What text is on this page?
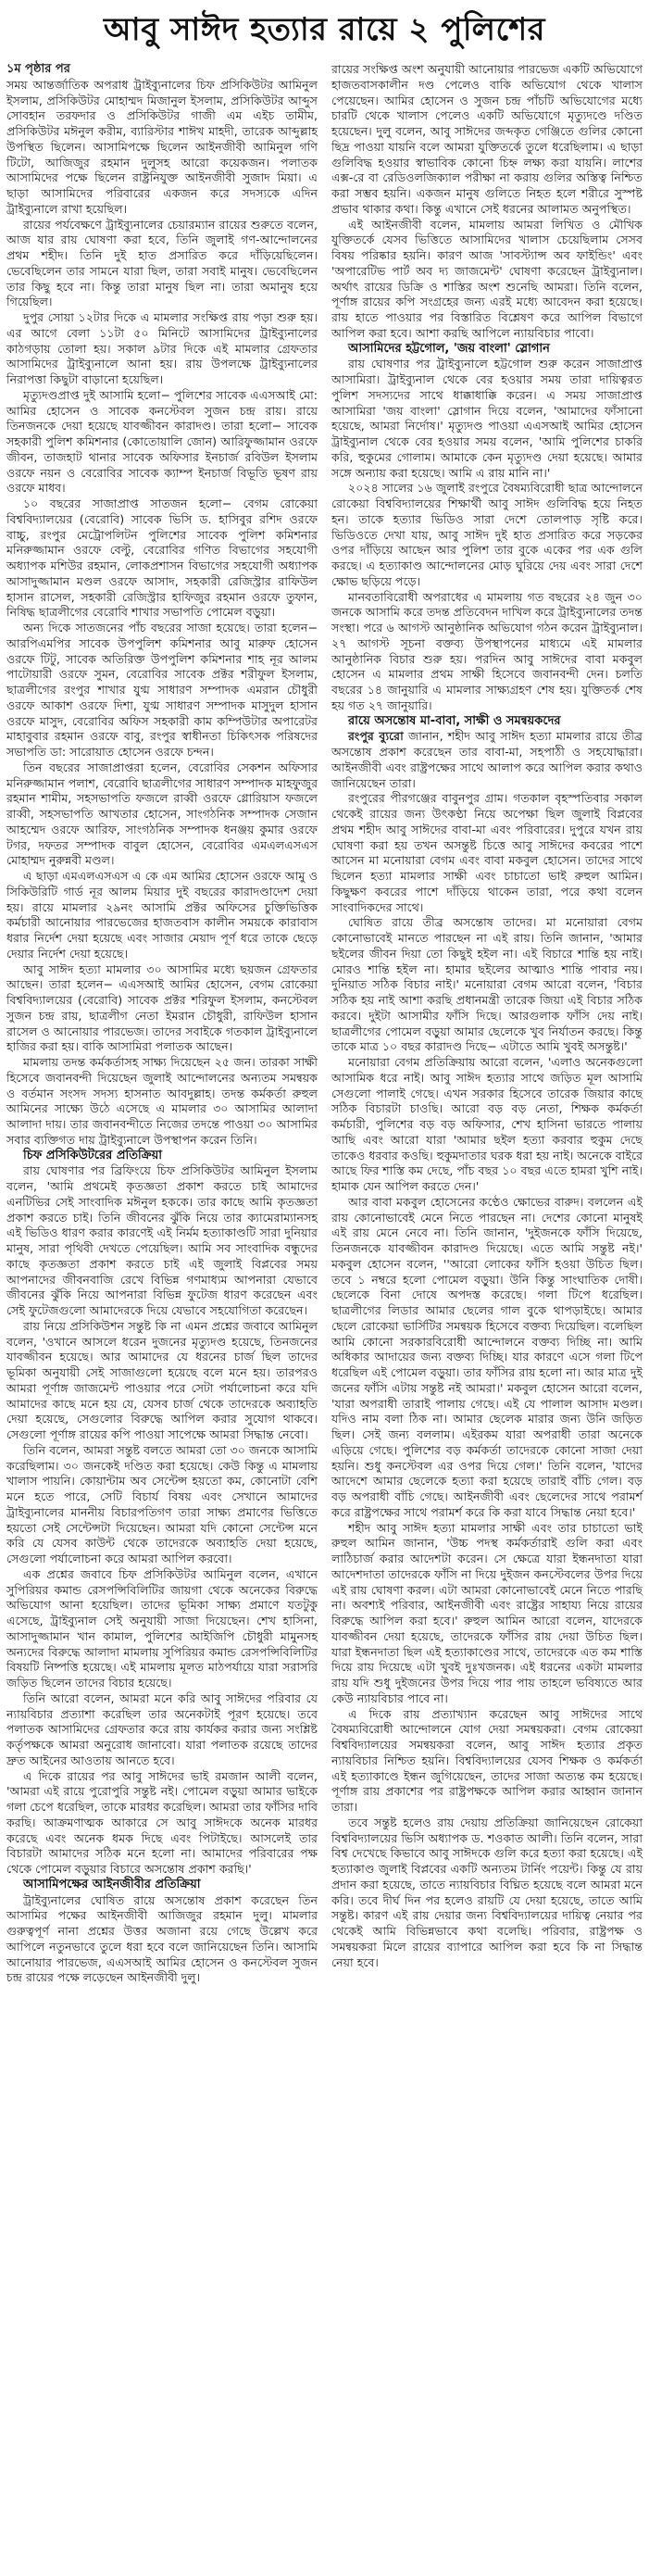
আবু সাঈদ হত্যার রায়ে ২ পুলিশের
১ম পৃষ্ঠার পর

সময় আন্তর্জাতিক অপরাধ ট্রাইব্যুনালের চিফ প্রসিকিউটর আমিনুল ইসলাম, প্রসিকিউটর মোহাম্মদ মিজানুল ইসলাম, প্রসিকিউটর আব্দুস সোবহান তরফদার ও প্রসিকিউটর গাজী এম এইচ তামীম, প্রসিকিউটর মঈনুল করীম, ব্যারিস্টার শাঈখ মাহদী, তারেক আব্দুল্লাহ উপস্থিত ছিলেন। আসামিপক্ষে ছিলেন আইনজীবী আমিনুল গণি টিটো, আজিজুর রহমান দুলুসহ আরো কয়েকজন। পলাতক আসামিদের পক্ষে ছিলেন রাষ্ট্রনিযুক্ত আইনজীবী সুজাদ মিয়া। এ ছাড়া আসামিদের পরিবারের একজন করে সদস্যকে এদিন ট্রাইব্যুনালে রাখা হয়েছিল।

রায়ের পর্যবেক্ষণে ট্রাইব্যুনালের চেয়ারম্যান রায়ের শুরুতে বলেন, আজ যার রায় ঘোষণা করা হবে, তিনি জুলাই গণ-আন্দোলনের প্রথম শহীদ। তিনি দুই হাত প্রসারিত করে দাঁড়িয়েছিলেন। ভেবেছিলেন তার সামনে যারা ছিল, তারা সবাই মানুষ। ভেবেছিলেন তার কিছু হবে না। কিন্তু তারা মানুষ ছিল না। তারা অমানুষ হয়ে গিয়েছিল।

দুপুর সোয়া ১২টার দিকে এ মামলার সংক্ষিপ্ত রায় পড়া শুরু হয়। এর আগে বেলা ১১টা ৫০ মিনিটে আসামিদের ট্রাইব্যুনালের কাঠগড়ায় তোলা হয়। সকাল ৯টার দিকে এই মামলার গ্রেফতার আসামিদের ট্রাইব্যুনালে আনা হয়। রায় উপলক্ষে ট্রাইব্যুনালের নিরাপত্তা কিছুটা বাড়ানো হয়েছিল।

মৃত্যুদণ্ডপ্রাপ্ত দুই আসামি হলো− পুলিশের সাবেক এএসআই মো: আমির হোসেন ও সাবেক কনস্টেবল সুজন চন্দ্র রায়। রায়ে তিনজনকে দেয়া হয়েছে যাবজ্জীবন কারাদণ্ড। তারা হলো− সাবেক সহকারী পুলিশ কমিশনার (কোতোয়ালি জোন) আরিফুজ্জামান ওরফে জীবন, তাজহাট থানার সাবেক অফিসার ইনচার্জ রবিউল ইসলাম ওরফে নয়ন ও বেরোবির সাবেক ক্যাম্প ইনচার্জ বিভূতি ভূষণ রায় ওরফে মাধব।

১০ বছরের সাজাপ্রাপ্ত সাতজন হলো− বেগম রোকেয়া বিশ্ববিদ্যালয়ের (বেরোবি) সাবেক ভিসি ড. হাসিবুর রশিদ ওরফে বাচ্চু, রংপুর মেট্রোপলিটন পুলিশের সাবেক পুলিশ কমিশনার মনিরুজ্জামান ওরফে বেল্টু, বেরোবির গণিত বিভাগের সহযোগী অধ্যাপক মশিউর রহমান, লোকপ্রশাসন বিভাগের সহযোগী অধ্যাপক আসাদুজ্জামান মণ্ডল ওরফে আসাদ, সহকারী রেজিস্ট্রার রাফিউল হাসান রাসেল, সহকারী রেজিস্ট্রার হাফিজুর রহমান ওরফে তুফান, নিষিদ্ধ ছাত্রলীগের বেরোবি শাখার সভাপতি পোমেল বড়ুয়া।

অন্য দিকে সাতজনের পাঁচ বছরের সাজা হয়েছে। তারা হলেন− আরপিএমপির সাবেক উপপুলিশ কমিশনার আবু মারুফ হোসেন ওরফে টিটু, সাবেক অতিরিক্ত উপপুলিশ কমিশনার শাহ নূর আলম পাটোয়ারী ওরফে সুমন, বেরোবির সাবেক প্রক্টর শরীফুল ইসলাম, ছাত্রলীগের রংপুর শাখার যুগ্ম সাধারণ সম্পাদক এমরান চৌধুরী ওরফে আকাশ ওরফে দিশা, যুগ্ম সাধারণ সম্পাদক মাসুদুল হাসান ওরফে মাসুদ, বেরোবির অফিস সহকারী কাম কম্পিউটার অপারেটর মাহাবুবার রহমান ওরফে বাবু, রংপুর স্বাধীনতা চিকিৎসক পরিষদের সভাপতি ডা: সারোয়াত হোসেন ওরফে চন্দন।

তিন বছরের সাজাপ্রাপ্তরা হলেন, বেরোবির সেকশন অফিসার মনিরুজ্জামান পলাশ, বেরোবি ছাত্রলীগের সাধারণ সম্পাদক মাহফুজুর রহমান শামীম, সহসভাপতি ফজলে রাব্বী ওরফে গ্লোরিয়াস ফজলে রাব্বী, সহসভাপতি আখতার হোসেন, সাংগঠনিক সম্পাদক সেজান আহম্মেদ ওরফে আরিফ, সাংগঠনিক সম্পাদক ধনঞ্জয় কুমার ওরফে টগর, দফতর সম্পাদক বাবুল হোসেন, বেরোবির এমএলএসএস মোহাম্মদ নুরুন্নবী মণ্ডল।

এ ছাড়া এমএলএসএস এ কে এম আমির হোসেন ওরফে আমু ও সিকিউরিটি গার্ড নূর আলম মিয়ার দুই বছরের কারাদণ্ডাদেশ দেয়া হয়। রায়ে মামলার ২৯নং আসামি প্রক্টর অফিসের চুক্তিভিত্তিক কর্মচারী আনোয়ার পারভেজের হাজতবাস কালীন সময়কে কারাবাস ধরার নির্দেশ দেয়া হয়েছে এবং সাজার মেয়াদ পূর্ণ ধরে তাকে ছেড়ে দেয়ার নির্দেশ দেয়া হয়েছে।

আবু সাঈদ হত্যা মামলার ৩০ আসামির মধ্যে ছয়জন গ্রেফতার আছেন। তারা হলেন− এএসআই আমির হোসেন, বেগম রোকেয়া বিশ্ববিদ্যালয়ের (বেরোবি) সাবেক প্রক্টর শরিফুল ইসলাম, কনস্টেবল সুজন চন্দ্র রায়, ছাত্রলীগ নেতা ইমরান চৌধুরী, রাফিউল হাসান রাসেল ও আনোয়ার পারভেজ। তাদের সবাইকে গতকাল ট্রাইব্যুনালে হাজির করা হয়। বাকি আসামিরা পলাতক আছেন।

মামলায় তদন্ত কর্মকর্তাসহ সাক্ষ্য দিয়েছেন ২৫ জন। তারকা সাক্ষী হিসেবে জবানবন্দী দিয়েছেন জুলাই আন্দোলনের অন্যতম সমন্বয়ক ও বর্তমান সংসদ সদস্য হাসনাত আবদুল্লাহ। তদন্ত কর্মকর্তা রুহুল আমিনের সাক্ষ্যে উঠে এসেছে এ মামলার ৩০ আসামির আলাদা আলাদা দায়। তার জবানবন্দীতে নিজের তদন্তে পাওয়া ৩০ আসামির সবার ব্যক্তিগত দায় ট্রাইব্যুনালে উপস্থাপন করেন তিনি।

চিফ প্রসিকিউটরের প্রতিক্রিয়া

রায় ঘোষণার পর ব্রিফিংয়ে চিফ প্রসিকিউটর আমিনুল ইসলাম বলেন, 'আমি প্রথমেই কৃতজ্ঞতা প্রকাশ করতে চাই আমাদের এনটিভির সেই সাংবাদিক মঈনুল হককে। তার কাছে আমি কৃতজ্ঞতা প্রকাশ করতে চাই। তিনি জীবনের ঝুঁকি নিয়ে তার ক্যামেরাম্যানসহ এই ভিডিও ধারণ করার কারণেই এই নির্মম হত্যাকাণ্ডটি সারা দুনিয়ার মানুষ, সারা পৃথিবী দেখতে পেয়েছিল। আমি সব সাংবাদিক বন্ধুদের কাছে কৃতজ্ঞতা প্রকাশ করতে চাই এই জুলাই বিপ্লবের সময় আপনাদের জীবনবাজি রেখে বিভিন্ন গণমাধ্যম আপনারা যেভাবে জীবনের ঝুঁকি নিয়ে আপনারা বিভিন্ন ফুটেজ ধারণ করেছেন এবং সেই ফুটেজগুলো আমাদেরকে দিয়ে যেভাবে সহযোগিতা করেছেন।

রায় নিয়ে প্রসিকিউশন সন্তুষ্ট কি না এমন প্রশ্নের জবাবে আমিনুল বলেন, 'ওখানে আসলে ধরেন দুজনের মৃত্যুদণ্ড হয়েছে, তিনজনের যাবজ্জীবন হয়েছে। আর আমাদের যে ধরনের চার্জ ছিল তাদের ভূমিকা অনুযায়ী সেই সাজাগুলো হয়েছে বলে মনে হয়। তারপরও আমরা পূর্ণাঙ্গ জাজমেন্ট পাওয়ার পরে সেটা পর্যালোচনা করে যদি আমাদের কাছে মনে হয় যে, যেসব চার্জ থেকে তাদেরকে অব্যাহতি দেয়া হয়েছে, সেগুলোর বিরুদ্ধে আপিল করার সুযোগ থাকবে। সেগুলো পূর্ণাঙ্গ রায়ের কপি পাওয়া সাপেক্ষে আমরা সিদ্ধান্ত নেবো।

তিনি বলেন, আমরা সন্তুষ্ট বলতে আমরা তো ৩০ জনকে আসামি করেছিলাম। ৩০ জনকেই দণ্ডিত করা হয়েছে। কেউ কিন্তু এ মামলায় খালাস পায়নি। কোয়ান্টাম অব সেন্টেন্স হয়তো কম, কোনোটা বেশি মনে হতে পারে, সেটি বিচার্য বিষয় এবং সেখানে আমাদের ট্রাইব্যুনালের মাননীয় বিচারপতিগণ তারা সাক্ষ্য প্রমাণের ভিত্তিতে হয়তো সেই সেন্টেন্সটা দিয়েছেন। আমরা যদি কোনো সেন্টেন্স মনে করি যে যেসব কাউন্ট থেকে তাদেরকে অব্যাহতি দেয়া হয়েছে, সেগুলো পর্যালোচনা করে আমরা আপিল করবো।

এক প্রশ্নের জবাবে চিফ প্রসিকিউটর আমিনুল বলেন, এখানে সুপিরিয়র কমান্ড রেসপন্সিবিলিটির জায়গা থেকে অনেকের বিরুদ্ধে অভিযোগ আনা হয়েছিল। তাদের ভূমিকা সাক্ষ্য প্রমাণে যতটুকু এসেছে, ট্রাইব্যুনাল সেই অনুযায়ী সাজা দিয়েছেন। শেখ হাসিনা, আসাদুজ্জামান খান কামাল, পুলিশের আইজিপি চৌধুরী মামুনসহ অন্যদের বিরুদ্ধে আলাদা মামলায় সুপিরিয়র কমান্ড রেসপন্সিবিলিটির বিষয়টি নিষ্পত্তি হয়েছে। এই মামলায় মূলত মাঠপর্যায়ে যারা সরাসরি জড়িত ছিলেন তাদের বিচার হয়েছে।

তিনি আরো বলেন, আমরা মনে করি আবু সাঈদের পরিবার যে ন্যায়বিচার প্রত্যাশা করেছিল তার অনেকটাই পূরণ হয়েছে। তবে পলাতক আসামিদের গ্রেফতার করে রায় কার্যকর করার জন্য সংশ্লিষ্ট কর্তৃপক্ষকে আমরা অনুরোধ জানাবো। যারা পলাতক রয়েছে তাদের দ্রুত আইনের আওতায় আনতে হবে।

এ দিকে রায়ের পর আবু সাঈদের ভাই রমজান আলী বলেন, 'আমরা এই রায়ে পুরোপুরি সন্তুষ্ট নই। পোমেল বড়ুয়া আমার ভাইকে গলা চেপে ধরেছিল, তাকে মারধর করেছিল। আমরা তার ফাঁসির দাবি করছি। আক্রমণাত্মক আকারে সে আবু সাঈদকে অনেক মারধর করেছে এবং অনেক ধমক দিছে এবং পিটাইছে। আসলেই তার বিচারটা আমাদের সঠিক মনে হলো না। আমাদের পরিবারের পক্ষ থেকে পোমেল বড়ুয়ার বিচারে অসন্তোষ প্রকাশ করছি।'

আসামিপক্ষের আইনজীবীর প্রতিক্রিয়া

ট্রাইব্যুনালের ঘোষিত রায়ে অসন্তোষ প্রকাশ করেছেন তিন আসামির পক্ষের আইনজীবী আজিজুর রহমান দুলু। মামলার গুরুত্বপূর্ণ নানা প্রশ্নের উত্তর অজানা রয়ে গেছে উল্লেখ করে আপিলে নতুনভাবে তুলে ধরা হবে বলে জানিয়েছেন তিনি। আসামি আনোয়ার পারভেজ, এএসআই আমির হোসেন ও কনস্টেবল সুজন চন্দ্র রায়ের পক্ষে লড়েছেন আইনজীবী দুলু।

রায়ের সংক্ষিপ্ত অংশ অনুযায়ী আনোয়ার পারভেজ একটি অভিযোগে হাজতবাসকালীন দণ্ড পেলেও বাকি অভিযোগ থেকে খালাস পেয়েছেন। আমির হোসেন ও সুজন চন্দ্র পাঁচটি অভিযোগের মধ্যে চারটি থেকে খালাস পেলেও একটি অভিযোগে মৃত্যুদণ্ডে দণ্ডিত হয়েছেন। দুলু বলেন, আবু সাঈদের জব্দকৃত গেঞ্জিতে গুলির কোনো ছিদ্র পাওয়া যায়নি বলে আমরা যুক্তিতর্কে তুলে ধরেছিলাম। এ ছাড়া গুলিবিদ্ধ হওয়ার স্বাভাবিক কোনো চিহ্ন লক্ষ্য করা যায়নি। লাশের এক্স-রে বা রেডিওলজিক্যাল পরীক্ষা না করায় গুলির অস্তিত্ব নিশ্চিত করা সম্ভব হয়নি। একজন মানুষ গুলিতে নিহত হলে শরীরে সুস্পষ্ট প্রভাব থাকার কথা। কিন্তু এখানে সেই ধরনের আলামত অনুপস্থিত।

এই আইনজীবী বলেন, মামলায় আমরা লিখিত ও মৌখিক যুক্তিতর্কে যেসব ভিত্তিতে আসামিদের খালাস চেয়েছিলাম সেসব বিষয় পরিষ্কার হয়নি। কারণ আজ 'সাবস্ট্যান্স অব ফাইন্ডিং' এবং 'অপারেটিভ পার্ট অব দ্য জাজমেন্ট' ঘোষণা করেছেন ট্রাইব্যুনাল। অর্থাৎ রায়ের ডিক্রি ও শাস্তির অংশ শুনেছি আমরা। তিনি বলেন, পূর্ণাঙ্গ রায়ের কপি সংগ্রহের জন্য এরই মধ্যে আবেদন করা হয়েছে। রায় হাতে পাওয়ার পর বিস্তারিত বিশ্লেষণ করে আপিল বিভাগে আপিল করা হবে। আশা করছি আপিলে ন্যায়বিচার পাবো।

আসামিদের হট্টগোল, 'জয় বাংলা' স্লোগান

রায় ঘোষণার পর ট্রাইব্যুনালে হট্টগোল শুরু করেন সাজাপ্রাপ্ত আসামিরা। ট্রাইব্যুনাল থেকে বের হওয়ার সময় তারা দায়িত্বরত পুলিশ সদস্যদের সাথে ধাক্কাধাক্কি করেন। এ সময় সাজাপ্রাপ্ত আসামিরা 'জয় বাংলা' স্লোগান দিয়ে বলেন, 'আমাদের ফাঁসানো হয়েছে, আমরা নির্দোষ।' মৃত্যুদণ্ড পাওয়া এএসআই আমির হোসেন ট্রাইব্যুনাল থেকে বের হওয়ার সময় বলেন, 'আমি পুলিশের চাকরি করি, হুকুমের গোলাম। আমাকে কেন মৃত্যুদণ্ড দেয়া হয়েছে। আমার সঙ্গে অন্যায় করা হয়েছে। আমি এ রায় মানি না।'

২০২৪ সালের ১৬ জুলাই রংপুরে বৈষম্যবিরোধী ছাত্র আন্দোলনে রোকেয়া বিশ্ববিদ্যালয়ের শিক্ষার্থী আবু সাঈদ গুলিবিদ্ধ হয়ে নিহত হন। তাকে হত্যার ভিডিও সারা দেশে তোলপাড় সৃষ্টি করে। ভিডিওতে দেখা যায়, আবু সাঈদ দুই হাত প্রসারিত করে সড়কের ওপর দাঁড়িয়ে আছেন আর পুলিশ তার বুকে একের পর এক গুলি করছে। এ হত্যাকাণ্ড আন্দোলনের মোড় ঘুরিয়ে দেয় এবং সারা দেশে ক্ষোভ ছড়িয়ে পড়ে।

মানবতাবিরোধী অপরাধের এ মামলায় গত বছরের ২৪ জুন ৩০ জনকে আসামি করে তদন্ত প্রতিবেদন দাখিল করে ট্রাইব্যুনালের তদন্ত সংস্থা। পরে ৬ আগস্ট আনুষ্ঠানিক অভিযোগ গঠন করেন ট্রাইব্যুনাল। ২৭ আগস্ট সূচনা বক্তব্য উপস্থাপনের মাধ্যমে এই মামলার আনুষ্ঠানিক বিচার শুরু হয়। পরদিন আবু সাঈদের বাবা মকবুল হোসেন এ মামলার প্রথম সাক্ষী হিসেবে জবানবন্দী দেন। চলতি বছরের ১৪ জানুয়ারি এ মামলার সাক্ষ্যগ্রহণ শেষ হয়। যুক্তিতর্ক শেষ হয় গত ২৭ জানুয়ারি।

রায়ে অসন্তোষ মা-বাবা, সাক্ষী ও সমন্বয়কদের

রংপুর ব্যুরো জানান, শহীদ আবু সাঈদ হত্যা মামলার রায়ে তীব্র অসন্তোষ প্রকাশ করেছেন তার বাবা-মা, সহপাঠী ও সহযোদ্ধারা। আইনজীবী এবং রাষ্ট্রপক্ষের সাথে আলাপ করে আপিল করার কথাও জানিয়েছেন তারা।

রংপুরের পীরগঞ্জের বাবুনপুর গ্রাম। গতকাল বৃহস্পতিবার সকাল থেকেই রায়ের জন্য উৎকণ্ঠা নিয়ে অপেক্ষা ছিল জুলাই বিপ্লবের প্রথম শহীদ আবু সাঈদের বাবা-মা এবং পরিবারের। দুপুরে যখন রায় ঘোষণা করা হয় তখন অসন্তুষ্ট চিত্তে আবু সাঈদের কবরের পাশে আসেন মা মনোয়ারা বেগম এবং বাবা মকবুল হোসেন। তাদের সাথে ছিলেন হত্যা মামলার সাক্ষী এবং চাচাতো ভাই রুহুল আমিন। কিছুক্ষণ কবরের পাশে দাঁড়িয়ে থাকেন তারা, পরে কথা বলেন সাংবাদিকদের সাথে।

ঘোষিত রায়ে তীব্র অসন্তোষ তাদের। মা মনোয়ারা বেগম কোনোভাবেই মানতে পারছেন না এই রায়। তিনি জানান, 'আমার ছইলের জীবন দিয়া তো কিছুই হইল না। এই বিচারে শান্তি হয় নাই। মোরও শান্তি হইল না। হামার ছইলের আত্মাও শান্তি পাবার নয়। দুনিয়াত সঠিক বিচার নাই।' মনোয়ারা বেগম আরো বলেন, 'বিচার সঠিক হয় নাই আশা করছি প্রধানমন্ত্রী তারেক জিয়া এই বিচার সঠিক করবে। দুইটা আসামীর ফাঁসি দিছে। আরগুলাক ফাঁসি দেয় নাই। ছাত্রলীগের পোমেল বড়ুয়া আমার ছেলেকে খুব নির্যাতন করছে। কিন্তু তাকে মাত্র ১০ বছর কারাদণ্ড দিছে− এটাতে আমি খুবই অসন্তুষ্ট।'

মনোয়ারা বেগম প্রতিক্রিয়ায় আরো বলেন, 'এলাও অনেকগুলো আসামিক ধরে নাই। আবু সাঈদ হত্যার সাথে জড়িত মূল আসামি সেগুলো পালাই গেছে। এখন সরকার হিসেবে তারেক জিয়ার কাছে সঠিক বিচারটা চাওছি। আরো বড় বড় নেতা, শিক্ষক কর্মকর্তা কর্মচারী, পুলিশের বড় বড় অফিসার, শেখ হাসিনা ভারতে পালায় আছি এবং আরো যারা 'আমার ছইল হত্যা করবার হুকুম দেছে তাকেও ধরবার কওছি। হুকুমদাতার ঘরক ধরা হয় নাই। অনেকে বাইরে আছে ফির শাস্তি কম দেছে, পাঁচ বছর ১০ বছর এতে হামরা খুশি নাই। হামাক যেন আপিল করতে দেন।'

আর বাবা মকবুল হোসেনের কণ্ঠেও ক্ষোভের বারুদ। বললেন এই রায় কোনোভাবেই মেনে নিতে পারছেন না। দেশের কোনো মানুষই এই রায় মেনে নেবে না। তিনি জানান, 'দুইজনকে ফাঁসি দিয়েছে, তিনজনকে যাবজ্জীবন কারাদণ্ড দিয়েছে। এতে আমি সন্তুষ্ট নই।' মকবুল হোসেন বলেন, ''আরো লোকের ফাঁসি হওয়া উচিত ছিল। তবে ১ নম্বরে হলো পোমেল বড়ুয়া। উনি কিন্তু সাংঘাতিক দোষী। ছেলেকে বিনা দোষে অপদস্ত করেছে। গলা টিপে ধরেছিল। ছাত্রলীগের লিডার আমার ছেলের গাল বুকে থাপড়াইছে। আমার ছেলে রোকেয়া ভার্সিটির সমন্বয়ক হিসেবে বক্তব্য দিয়েছিল। বলেছিল আমি কোনো সরকারবিরোধী আন্দোলনে বক্তব্য দিচ্ছি না। আমি অধিকার আদায়ের জন্য বক্তব্য দিচ্ছি। যার কারণে এসে গলা টিপে ধরেছিল এই পোমেল বড়ুয়া। তার ফাঁসির রায় হলো না। আর মাত্র দুই জনের ফাঁসি এটায় সন্তুষ্ট নই আমরা।' মকবুল হোসেন আরো বলেন, 'যারা অপরাধী তারাই পালায় গেছে। এই যে পালাল আসাদ মণ্ডল। যদিও নাম বলা ঠিক না। আমার ছেলেক মারার জন্য উনি জড়িত ছিল। সেই জন্য বললাম। এইরকম যারা অপরাধী তারা অনেকে এড়িয়ে গেছে। পুলিশের বড় কর্মকর্তা তাদেরকে কোনো সাজা দেয়া হয়নি। শুধু কনস্টেবল এর ওপর দিয়ে গেল।' তিনি বলেন, 'যাদের আদেশে আমার ছেলেকে হত্যা করা হয়েছে তারাই বাঁচি গেল। বড় বড় অপরাধী বাঁচি গেছে। আইনজীবী এবং ছেলেদের সাথে পরামর্শ করে রাষ্ট্রপক্ষের সাথে পরামর্শ করে কি করা যাবে সিদ্ধান্ত নেয়া হবে।'

শহীদ আবু সাঈদ হত্যা মামলার সাক্ষী এবং তার চাচাতো ভাই রুহুল আমিন জানান, 'উচ্চ পদস্থ কর্মকর্তারাই গুলি করা এবং লাঠিচার্জ করার আদেশটা করেন। সে ক্ষেত্রে যারা ইন্ধনদাতা যারা আদেশদাতা তাদেরকে ফাঁসি না দিয়ে দুইজন কনস্টেবলের উপর দিয়ে এই রায় ঘোষণা করল। এটা আমরা কোনোভাবেই মেনে নিতে পারছি না। অবশ্যই পরিবার, আইনজীবী এবং রাষ্ট্রের সাহায্য নিয়ে রায়ের বিরুদ্ধে আপিল করা হবে।' রুহুল আমিন আরো বলেন, যাদেরকে যাবজ্জীবন দেয়া হয়েছে, তাদেরকে ফাঁসির রায় দেয়া উচিত ছিল। যারা ইন্ধনদাতা ছিল এই হত্যাকাণ্ডের সাথে, তাদেরকে এত কম শাস্তি দিয়ে রায় দিয়েছে এটা খুবই দুঃখজনক। এই ধরনের একটা মামলার রায় যদি শুধু দুইজনের উপর দিয়ে পার পায় তাহলে ভবিষ্যতে আর কেউ ন্যায়বিচার পাবে না।

এ দিকে রায় প্রত্যাখ্যান করেছেন আবু সাঈদের সাথে বৈষম্যবিরোধী আন্দোলনে যোগ দেয়া সমন্বয়করা। বেগম রোকেয়া বিশ্ববিদ্যালয়ের সমন্বয়করা বলেন, আবু সাঈদ হত্যার প্রকৃত ন্যায়বিচার নিশ্চিত হয়নি। বিশ্ববিদ্যালয়ের যেসব শিক্ষক ও কর্মকর্তা এই হত্যাকাণ্ডে ইন্ধন জুগিয়েছেন, তাদের সাজা অত্যন্ত কম হয়েছে। পূর্ণাঙ্গ রায় প্রকাশের পর রাষ্ট্রপক্ষকে আপিল করার আহ্বান জানান তারা।

তবে সন্তুষ্ট হলেও রায় দেয়ায় প্রতিক্রিয়া জানিয়েছেন রোকেয়া বিশ্ববিদ্যালয়ের ভিসি অধ্যাপক ড. শওকাত আলী। তিনি বলেন, সারা বিশ্ব দেখেছে কিভাবে আবু সাঈদকে গুলি করে হত্যা করা হয়েছে। এই হত্যাকাণ্ড জুলাই বিপ্লবের একটি অন্যতম টার্নিং পয়েন্ট। কিন্তু যে রায় প্রদান করা হয়েছে, তাতে ন্যায়বিচার বিঘ্নিত হয়েছে বলে আমরা মনে করি। তবে দীর্ঘ দিন পর হলেও রায়টি যে দেয়া হয়েছে, তাতে আমি সন্তুষ্ট। কারণ এই রায় দেয়ার জন্য বিশ্ববিদ্যালয়ের দায়িত্ব নেয়ার পর থেকেই আমি বিভিন্নভাবে কথা বলেছি। পরিবার, রাষ্ট্রপক্ষ ও সমন্বয়করা মিলে রায়ের ব্যাপারে আপিল করা হবে কি না সিদ্ধান্ত নেয়া হবে।
